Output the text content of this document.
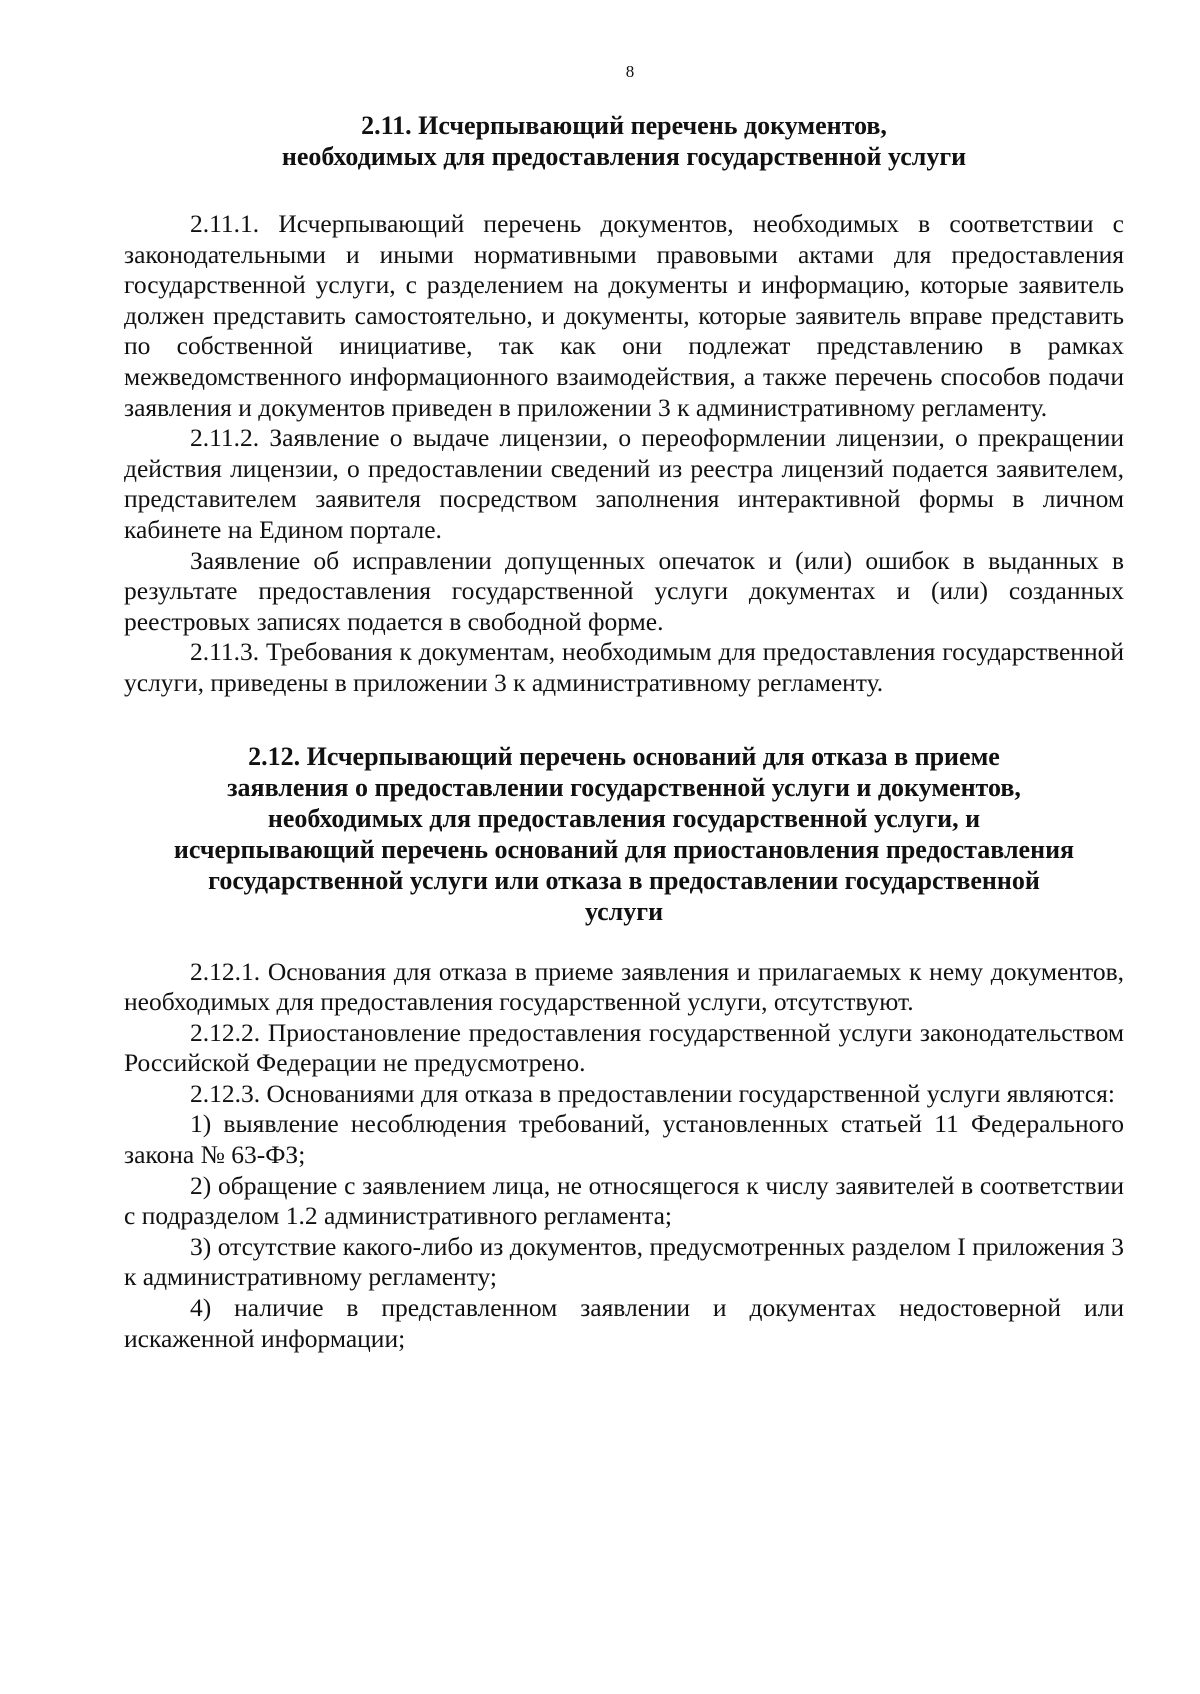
8
2.11. Исчерпывающий перечень документов,
необходимых для предоставления государственной услуги

2.11.1. Исчерпывающий перечень документов, необходимых в соответствии с законодательными и иными нормативными правовыми актами для предоставления государственной услуги, с разделением на документы и информацию, которые заявитель должен представить самостоятельно, и документы, которые заявитель вправе представить по собственной инициативе, так как они подлежат представлению в рамках межведомственного информационного взаимодействия, а также перечень способов подачи заявления и документов приведен в приложении 3 к административному регламенту.

2.11.2. Заявление о выдаче лицензии, о переоформлении лицензии, о прекращении действия лицензии, о предоставлении сведений из реестра лицензий подается заявителем, представителем заявителя посредством заполнения интерактивной формы в личном кабинете на Едином портале.

Заявление об исправлении допущенных опечаток и (или) ошибок в выданных в результате предоставления государственной услуги документах и (или) созданных реестровых записях подается в свободной форме.

2.11.3. Требования к документам, необходимым для предоставления государственной услуги, приведены в приложении 3 к административному регламенту.

2.12. Исчерпывающий перечень оснований для отказа в приеме
заявления о предоставлении государственной услуги и документов,
необходимых для предоставления государственной услуги, и
исчерпывающий перечень оснований для приостановления предоставления
государственной услуги или отказа в предоставлении государственной
услуги

2.12.1. Основания для отказа в приеме заявления и прилагаемых к нему документов, необходимых для предоставления государственной услуги, отсутствуют.

2.12.2. Приостановление предоставления государственной услуги законодательством Российской Федерации не предусмотрено.

2.12.3. Основаниями для отказа в предоставлении государственной услуги являются:

1) выявление несоблюдения требований, установленных статьей 11 Федерального закона № 63-ФЗ;

2) обращение с заявлением лица, не относящегося к числу заявителей в соответствии с подразделом 1.2 административного регламента;

3) отсутствие какого-либо из документов, предусмотренных разделом I приложения 3 к административному регламенту;

4) наличие в представленном заявлении и документах недостоверной или искаженной информации;
